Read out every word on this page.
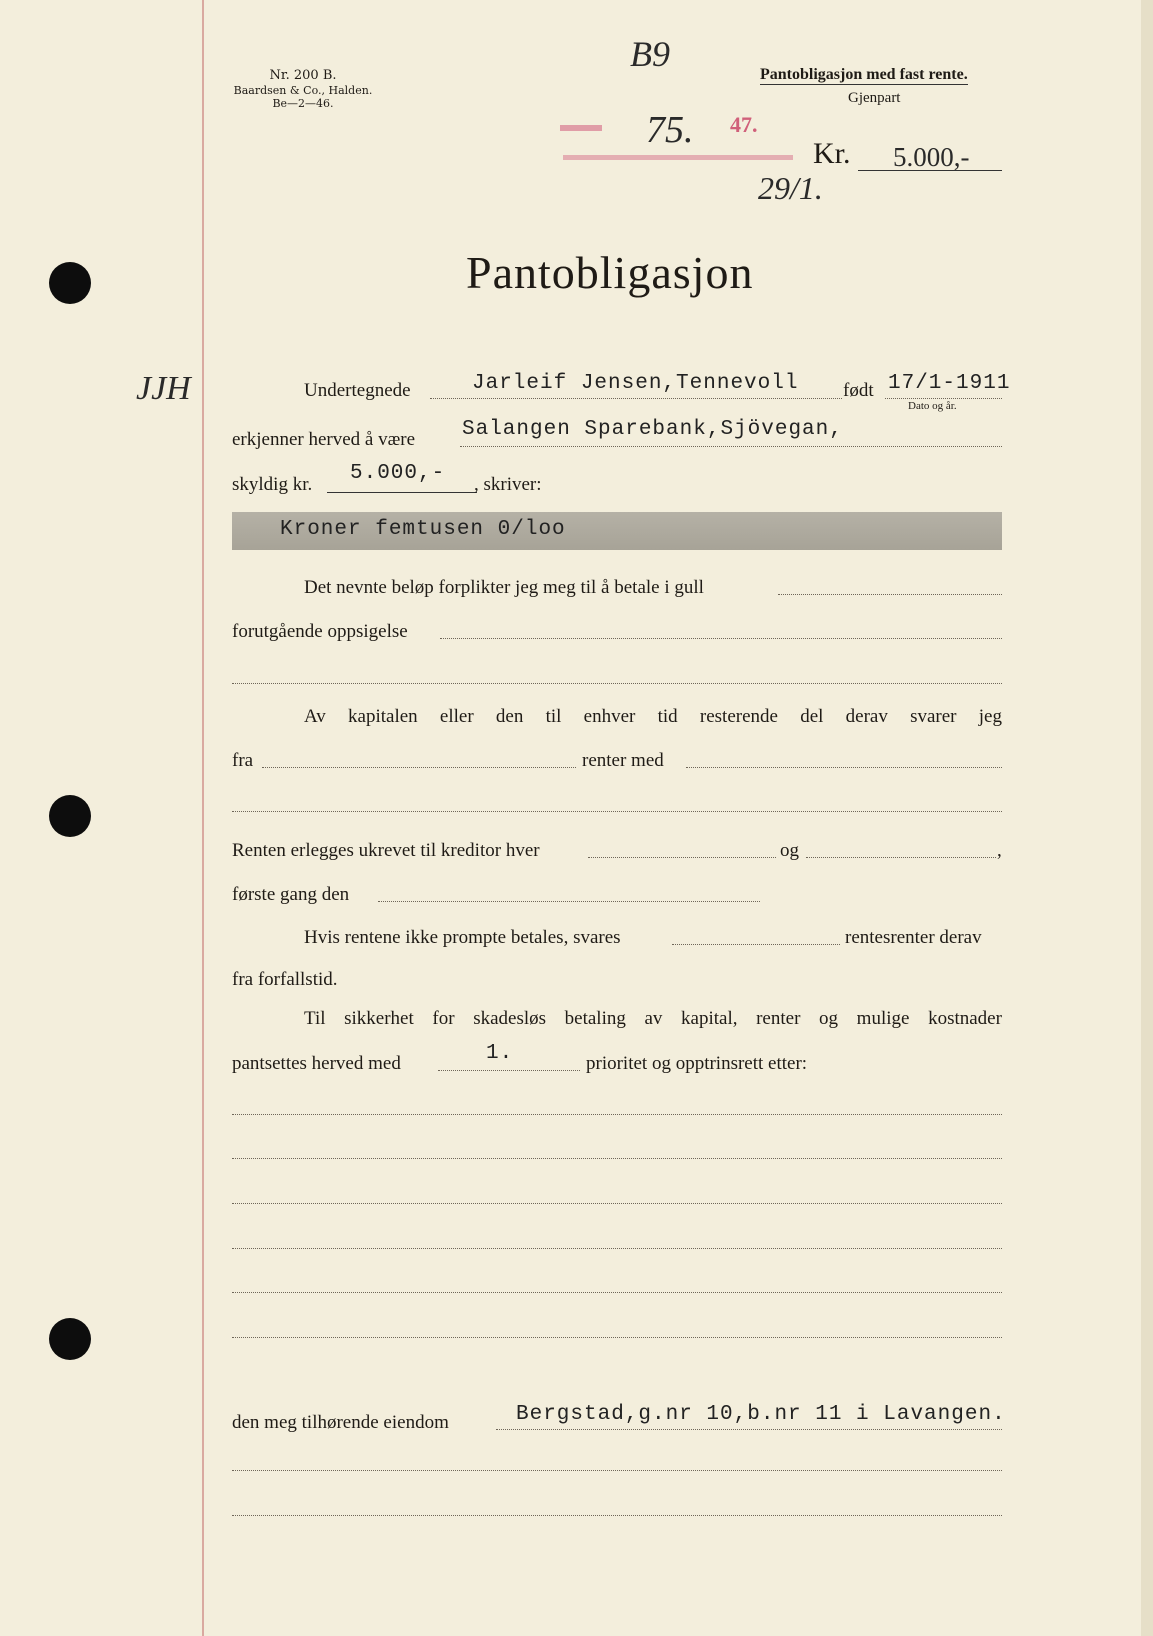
Nr. 200 B.
Baardsen & Co., Halden.
Be—2—46.
B9
Pantobligasjon med fast rente.
Gjenpart
75. 47.
29/1.
Kr. 5.000,-
Pantobligasjon
JJH	Undertegnede	Jarleif Jensen,Tennevoll født 17/1-1911
Dato og år.
erkjenner herved å være Salangen Sparebank,Sjövegan,
skyldig kr. 5.000,- , skriver:
Kroner femtusen 0/loo
Det nevnte beløp forplikter jeg meg til å betale i gull
forutgående oppsigelse
Av kapitalen eller den til enhver tid resterende del derav svarer jeg
fra	renter med
Renten erlegges ukrevet til kreditor hver	og	,
første gang den
Hvis rentene ikke prompte betales, svares	rentesrenter derav
fra forfallstid.
Til sikkerhet for skadesløs betaling av kapital, renter og mulige kostnader
pantsettes herved med	1.	prioritet og opptrinsrett etter:
den meg tilhørende eiendom	Bergstad,g.nr 10,b.nr 11 i Lavangen.
